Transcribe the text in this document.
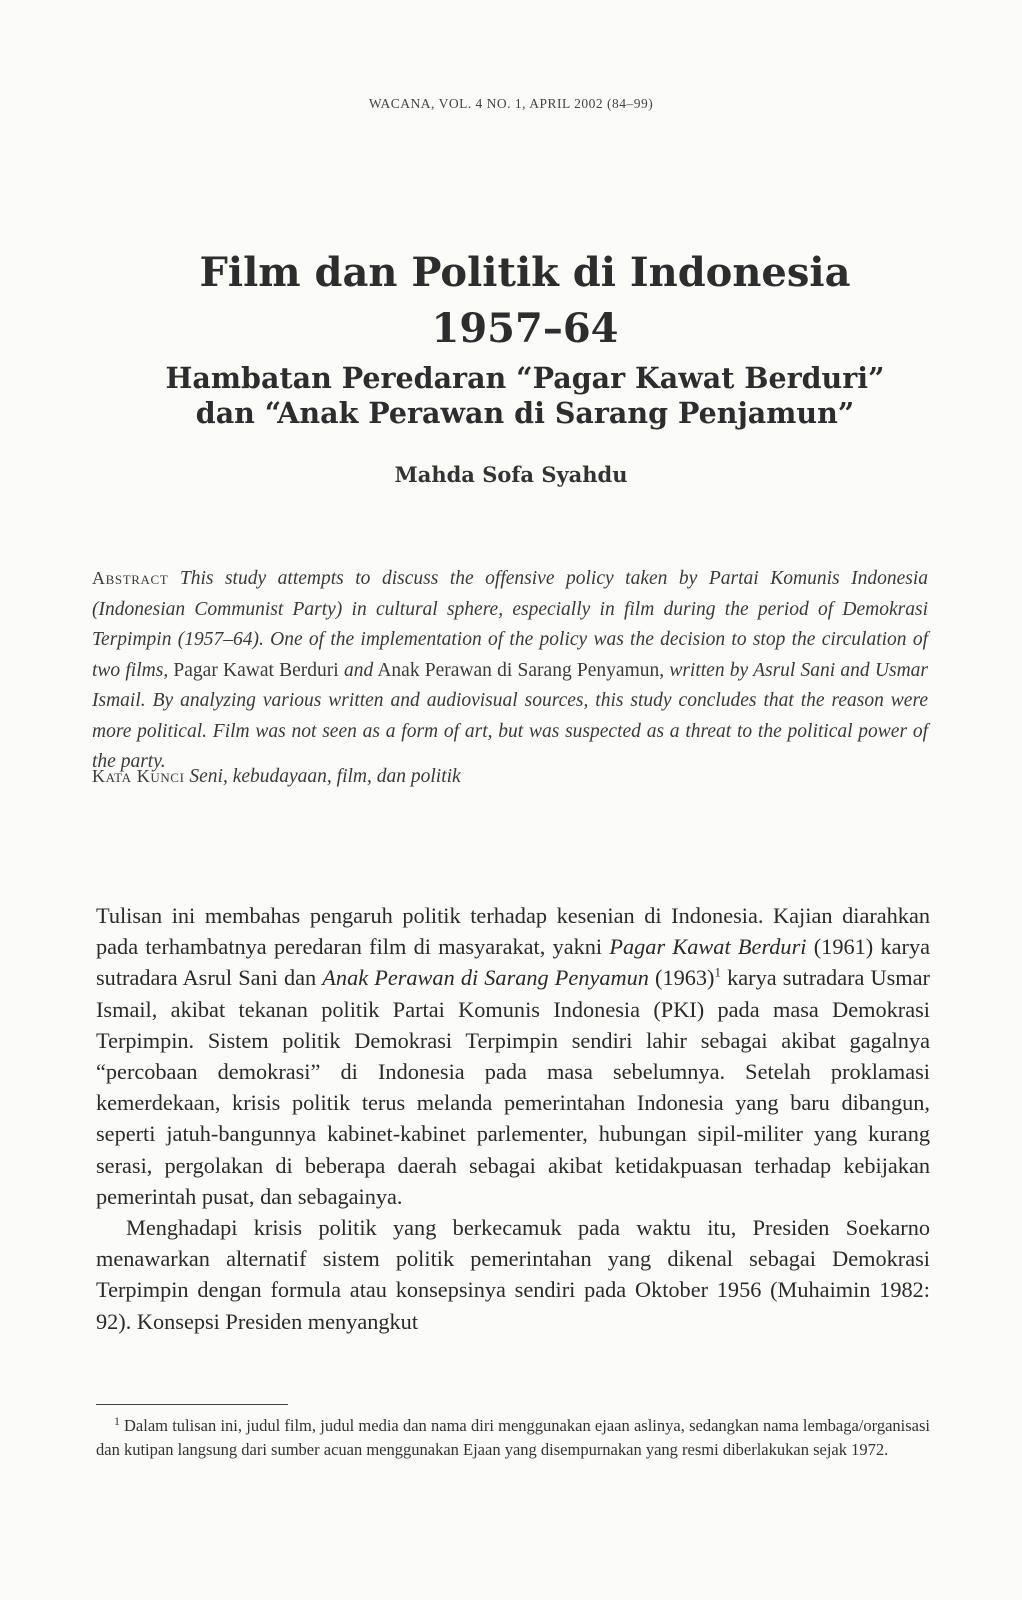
WACANA, VOL. 4 NO. 1, APRIL 2002 (84–99)
Film dan Politik di Indonesia
1957–64
Hambatan Peredaran “Pagar Kawat Berduri”
dan “Anak Perawan di Sarang Penjamun”
Mahda Sofa Syahdu
Abstract This study attempts to discuss the offensive policy taken by Partai Komunis Indonesia (Indonesian Communist Party) in cultural sphere, especially in film during the period of Demokrasi Terpimpin (1957–64). One of the implementation of the policy was the decision to stop the circulation of two films, Pagar Kawat Berduri and Anak Perawan di Sarang Penyamun, written by Asrul Sani and Usmar Ismail. By analyzing various written and audiovisual sources, this study concludes that the reason were more political. Film was not seen as a form of art, but was suspected as a threat to the political power of the party.
Kata Kunci Seni, kebudayaan, film, dan politik

Tulisan ini membahas pengaruh politik terhadap kesenian di Indonesia. Kajian diarahkan pada terhambatnya peredaran film di masyarakat, yakni Pagar Kawat Berduri (1961) karya sutradara Asrul Sani dan Anak Perawan di Sarang Penyamun $(1963)^1$ karya sutradara Usmar Ismail, akibat tekanan politik Partai Komunis Indonesia (PKI) pada masa Demokrasi Terpimpin. Sistem politik Demokrasi Terpimpin sendiri lahir sebagai akibat gagalnya “percobaan demokrasi” di Indonesia pada masa sebelumnya. Setelah proklamasi kemerdekaan, krisis politik terus melanda pemerintahan Indonesia yang baru dibangun, seperti jatuh-bangunnya kabinet-kabinet parlementer, hubungan sipil-militer yang kurang serasi, pergolakan di beberapa daerah sebagai akibat ketidakpuasan terhadap kebijakan pemerintah pusat, dan sebagainya.

Menghadapi krisis politik yang berkecamuk pada waktu itu, Presiden Soekarno menawarkan alternatif sistem politik pemerintahan yang dikenal sebagai Demokrasi Terpimpin dengan formula atau konsepsinya sendiri pada Oktober 1956 (Muhaimin 1982: 92). Konsepsi Presiden menyangkut

$^1$ Dalam tulisan ini, judul film, judul media dan nama diri menggunakan ejaan aslinya, sedangkan nama lembaga/organisasi dan kutipan langsung dari sumber acuan menggunakan Ejaan yang disempurnakan yang resmi diberlakukan sejak 1972.
